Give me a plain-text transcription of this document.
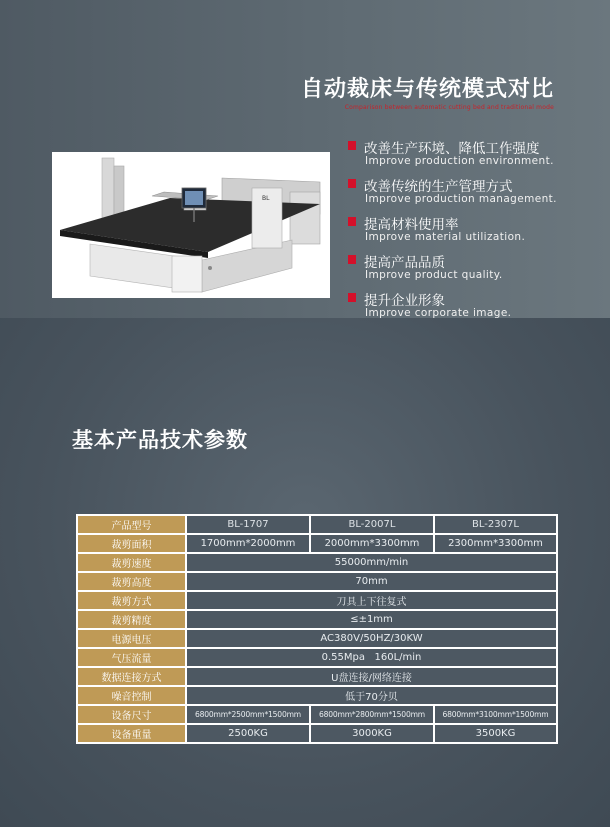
自动裁床与传统模式对比
Comparison between automatic cutting bed and traditional mode
BL
改善生产环境、降低工作强度
Improve production environment.
改善传统的生产管理方式
Improve production management.
提高材料使用率
Improve material utilization.
提高产品品质
Improve product quality.
提升企业形象
Improve corporate image.
基本产品技术参数
产品型号	BL-1707	BL-2007L	BL-2307L
裁剪面积	1700mm*2000mm	2000mm*3300mm	2300mm*3300mm
裁剪速度	55000mm/min		
裁剪高度	70mm		
裁剪方式	刀具上下往复式		
裁剪精度	≤±1mm		
电源电压	AC380V/50HZ/30KW		
气压流量	0.55Mpa   160L/min		
数据连接方式	U盘连接/网络连接		
噪音控制	低于70分贝		
设备尺寸	6800mm*2500mm*1500mm	6800mm*2800mm*1500mm	6800mm*3100mm*1500mm
设备重量	2500KG	3000KG	3500KG
